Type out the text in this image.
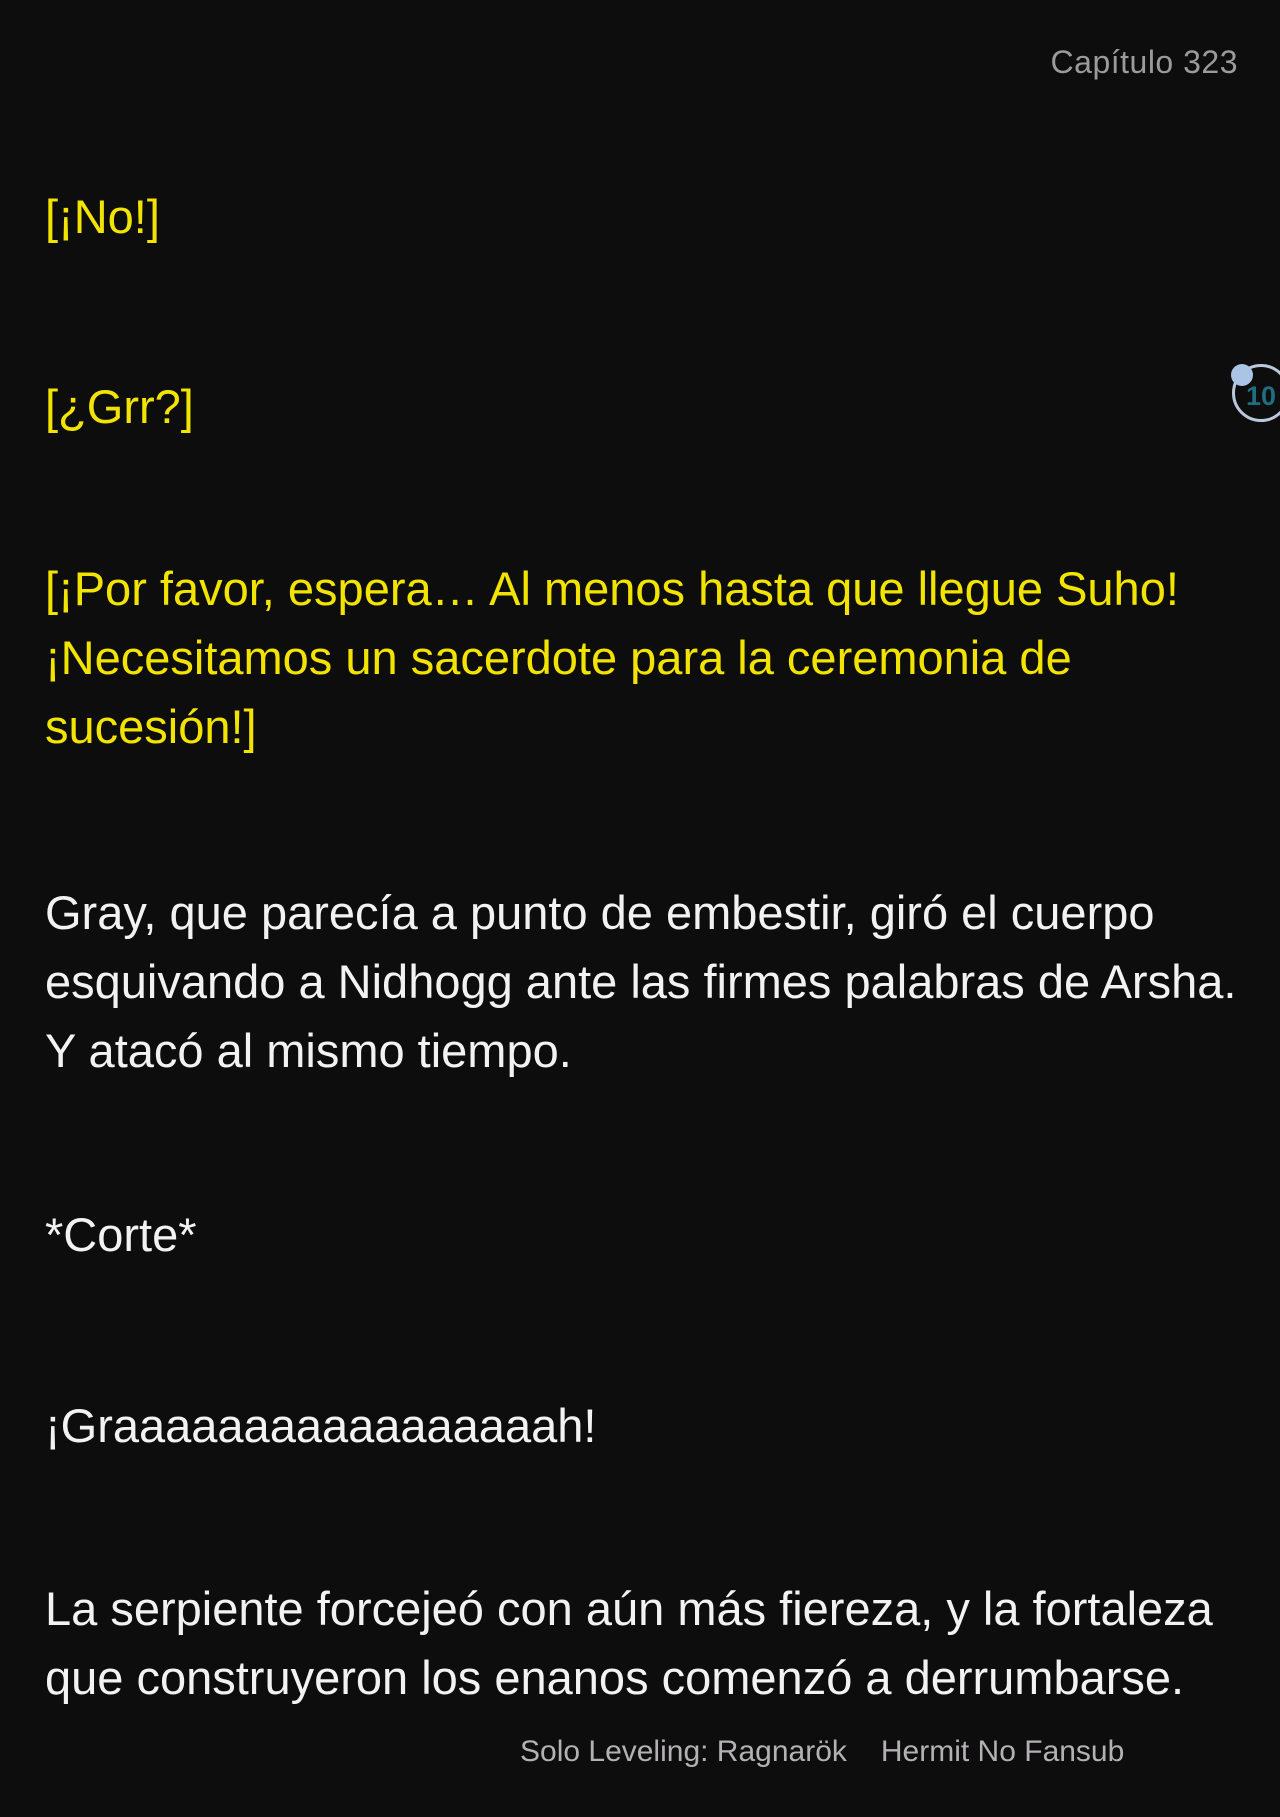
Capítulo 323
10
[¡No!]
[¿Grr?]
[¡Por favor, espera… Al menos hasta que llegue Suho!
¡Necesitamos un sacerdote para la ceremonia de
sucesión!]
Gray, que parecía a punto de embestir, giró el cuerpo
esquivando a Nidhogg ante las firmes palabras de Arsha.
Y atacó al mismo tiempo.
*Corte*
¡Graaaaaaaaaaaaaaaaah!
La serpiente forcejeó con aún más fiereza, y la fortaleza
que construyeron los enanos comenzó a derrumbarse.
Solo Leveling: Ragnarök Hermit No Fansub
